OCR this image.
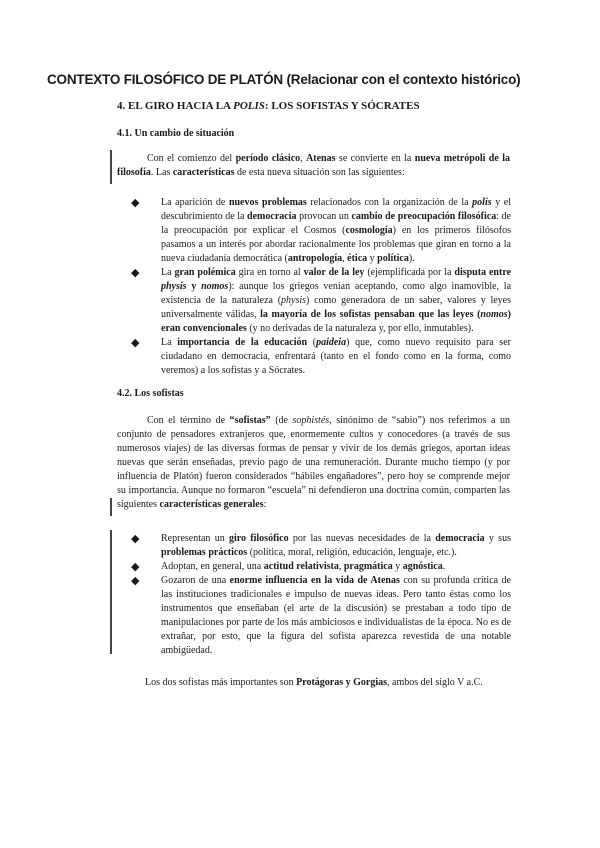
CONTEXTO FILOSÓFICO DE PLATÓN (Relacionar con el contexto histórico)
4. EL GIRO HACIA LA POLIS: LOS SOFISTAS Y SÓCRATES
4.1. Un cambio de situación
Con el comienzo del período clásico, Atenas se convierte en la nueva metrópoli de la filosofía. Las características de esta nueva situación son las siguientes:
◆ La aparición de nuevos problemas relacionados con la organización de la polis y el descubrimiento de la democracia provocan un cambio de preocupación filosófica: de la preocupación por explicar el Cosmos (cosmología) en los primeros filósofos pasamos a un interés por abordar racionalmente los problemas que giran en torno a la nueva ciudadanía democrática (antropología, ética y política).
◆ La gran polémica gira en torno al valor de la ley (ejemplificada por la disputa entre physis y nomos): aunque los griegos venían aceptando, como algo inamovible, la existencia de la naturaleza (physis) como generadora de un saber, valores y leyes universalmente válidas, la mayoría de los sofistas pensaban que las leyes (nomos) eran convencionales (y no derivadas de la naturaleza y, por ello, inmutables).
◆ La importancia de la educación (paideia) que, como nuevo requisito para ser ciudadano en democracia, enfrentará (tanto en el fondo como en la forma, como veremos) a los sofistas y a Sócrates.
4.2. Los sofistas
Con el término de “sofistas” (de sophistés, sinónimo de “sabio”) nos referimos a un conjunto de pensadores extranjeros que, enormemente cultos y conocedores (a través de sus numerosos viajes) de las diversas formas de pensar y vivir de los demás griegos, aportan ideas nuevas que serán enseñadas, previo pago de una remuneración. Durante mucho tiempo (y por influencia de Platón) fueron considerados “hábiles engañadores”, pero hoy se comprende mejor su importancia. Aunque no formaron “escuela” ni defendieron una doctrina común, comparten las siguientes características generales:
◆ Representan un giro filosófico por las nuevas necesidades de la democracia y sus problemas prácticos (política, moral, religión, educación, lenguaje, etc.).
◆ Adoptan, en general, una actitud relativista, pragmática y agnóstica.
◆ Gozaron de una enorme influencia en la vida de Atenas con su profunda crítica de las instituciones tradicionales e impulso de nuevas ideas. Pero tanto éstas como los instrumentos que enseñaban (el arte de la discusión) se prestaban a todo tipo de manipulaciones por parte de los más ambiciosos e individualistas de la época. No es de extrañar, por esto, que la figura del sofista aparezca revestida de una notable ambigüedad.
Los dos sofistas más importantes son Protágoras y Gorgias, ambos del siglo V a.C.
